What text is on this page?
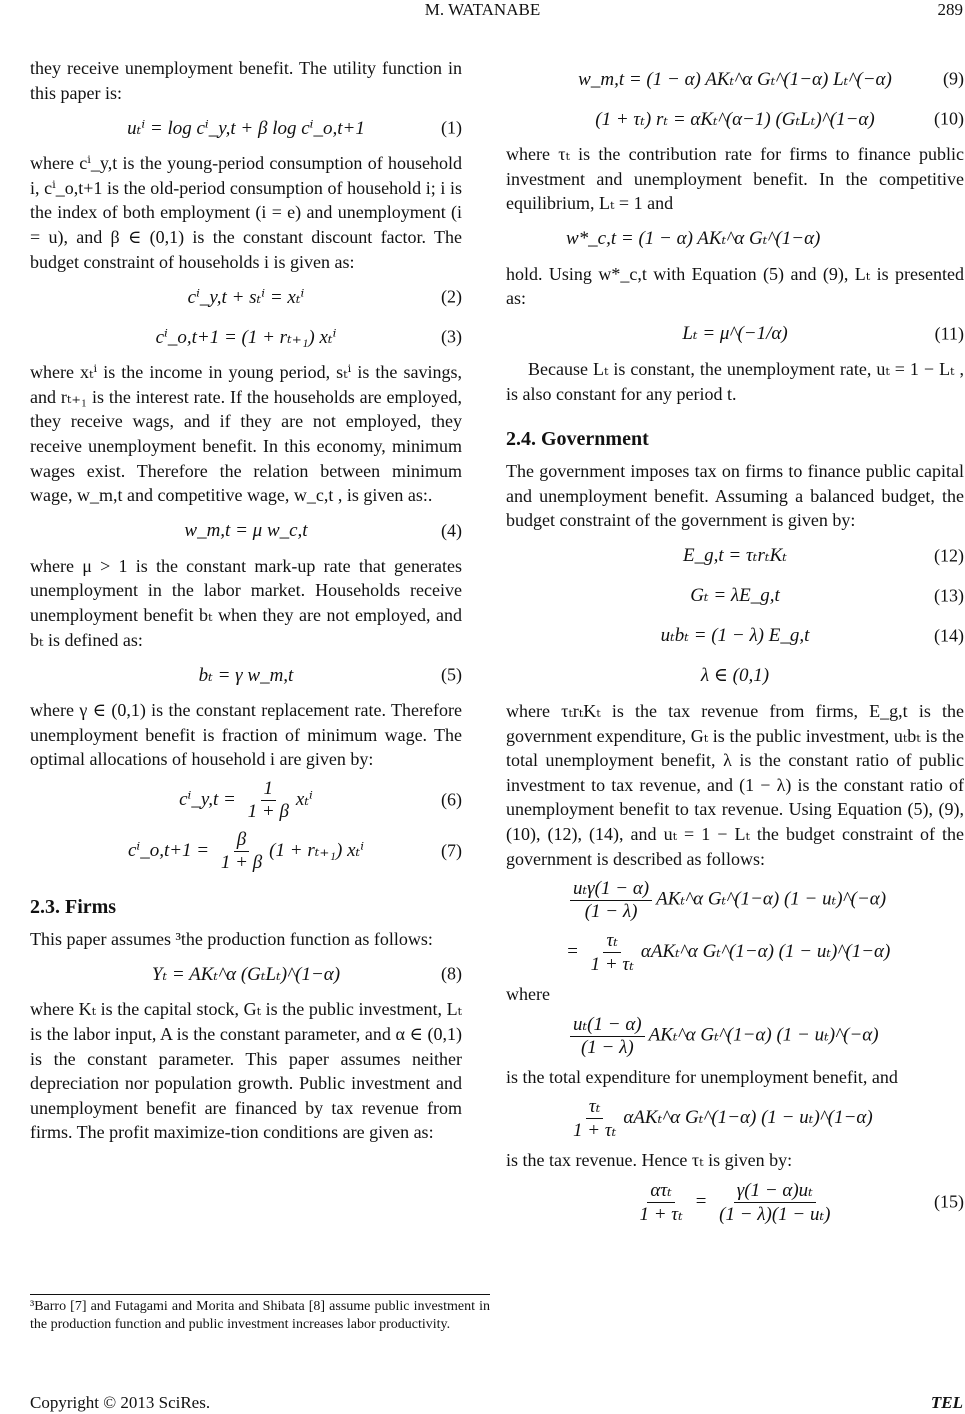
M. WATANABE	289

they receive unemployment benefit. The utility function in this paper is:

uₜⁱ = log cⁱ_y,t + β log cⁱ_o,t+1	(1)

where cⁱ_y,t is the young-period consumption of household i, cⁱ_o,t+1 is the old-period consumption of household i; i is the index of both employment (i = e) and unemployment (i = u), and β ∈ (0,1) is the constant discount factor. The budget constraint of households i is given as:

cⁱ_y,t + sₜⁱ = xₜⁱ	(2)
cⁱ_o,t+1 = (1 + rₜ₊₁) xₜⁱ	(3)

where xₜⁱ is the income in young period, sₜⁱ is the savings, and rₜ₊₁ is the interest rate. If the households are employed, they receive wags, and if they are not employed, they receive unemployment benefit. In this economy, minimum wages exist. Therefore the relation between minimum wage, w_m,t and competitive wage, w_c,t , is given as:.

w_m,t = μ w_c,t	(4)

where μ > 1 is the constant mark-up rate that generates unemployment in the labor market. Households receive unemployment benefit bₜ when they are not employed, and bₜ is defined as:

bₜ = γ w_m,t	(5)

where γ ∈ (0,1) is the constant replacement rate. Therefore unemployment benefit is fraction of minimum wage. The optimal allocations of household i are given by:

cⁱ_y,t = $\frac{1}{1 + \beta}$ xₜⁱ	(6)
cⁱ_o,t+1 = $\frac{\beta}{1 + \beta} (1 + r_{t+1})$ xₜⁱ	(7)
2.3. Firms

This paper assumes ³the production function as follows:

Yₜ = AKₜ^α (GₜLₜ)^(1−α)	(8)

where Kₜ is the capital stock, Gₜ is the public investment, Lₜ is the labor input, A is the constant parameter, and α ∈ (0,1) is the constant parameter. This paper assumes neither depreciation nor population growth. Public investment and unemployment benefit are financed by tax revenue from firms. The profit maximize-tion conditions are given as:

w_m,t = (1 − α) AKₜ^α Gₜ^(1−α) Lₜ^(−α)	(9)
(1 + τₜ) rₜ = αKₜ^(α−1) (GₜLₜ)^(1−α)	(10)

where τₜ is the contribution rate for firms to finance public investment and unemployment benefit. In the competitive equilibrium, Lₜ = 1 and

w*_c,t = (1 − α) AKₜ^α Gₜ^(1−α)

hold. Using w*_c,t with Equation (5) and (9), Lₜ is presented as:

Lₜ = μ^(−1/α)	(11)

Because Lₜ is constant, the unemployment rate, uₜ = 1 − Lₜ , is also constant for any period t.

2.4. Government

The government imposes tax on firms to finance public capital and unemployment benefit. Assuming a balanced budget, the budget constraint of the government is given by:

E_g,t = τₜrₜKₜ	(12)
Gₜ = λE_g,t	(13)
uₜbₜ = (1 − λ) E_g,t	(14)
λ ∈ (0,1)

where τₜrₜKₜ is the tax revenue from firms, E_g,t is the government expenditure, Gₜ is the public investment, uₜbₜ is the total unemployment benefit, λ is the constant ratio of public investment to tax revenue, and (1 − λ) is the constant ratio of unemployment benefit to tax revenue. Using Equation (5), (9), (10), (12), (14), and uₜ = 1 − Lₜ the budget constraint of the government is described as follows:

$\frac{\text{uₜγ(1 − α)}}{(1 - \lambda)}$ AKₜ^α Gₜ^(1−α) (1 − uₜ)^(−α)
= $\frac{\text{τₜ}}{\text{1 + τₜ}}$ αAKₜ^α Gₜ^(1−α) (1 − uₜ)^(1−α)

where

$\frac{\text{uₜ(1 − α)}}{(1 - \lambda)}$ AKₜ^α Gₜ^(1−α) (1 − uₜ)^(−α)

is the total expenditure for unemployment benefit, and

$\frac{\text{τₜ}}{\text{1 + τₜ}}$ αAKₜ^α Gₜ^(1−α) (1 − uₜ)^(1−α)

is the tax revenue. Hence τₜ is given by:

$\frac{\text{ατₜ}}{\text{1 + τₜ}} = \frac{\text{γ(1 − α)uₜ}}{\text{(1 − λ)(1 − uₜ)}}$	(15)
³Barro [7] and Futagami and Morita and Shibata [8] assume public investment in the production function and public investment increases labor productivity.
Copyright © 2013 SciRes.	TEL
